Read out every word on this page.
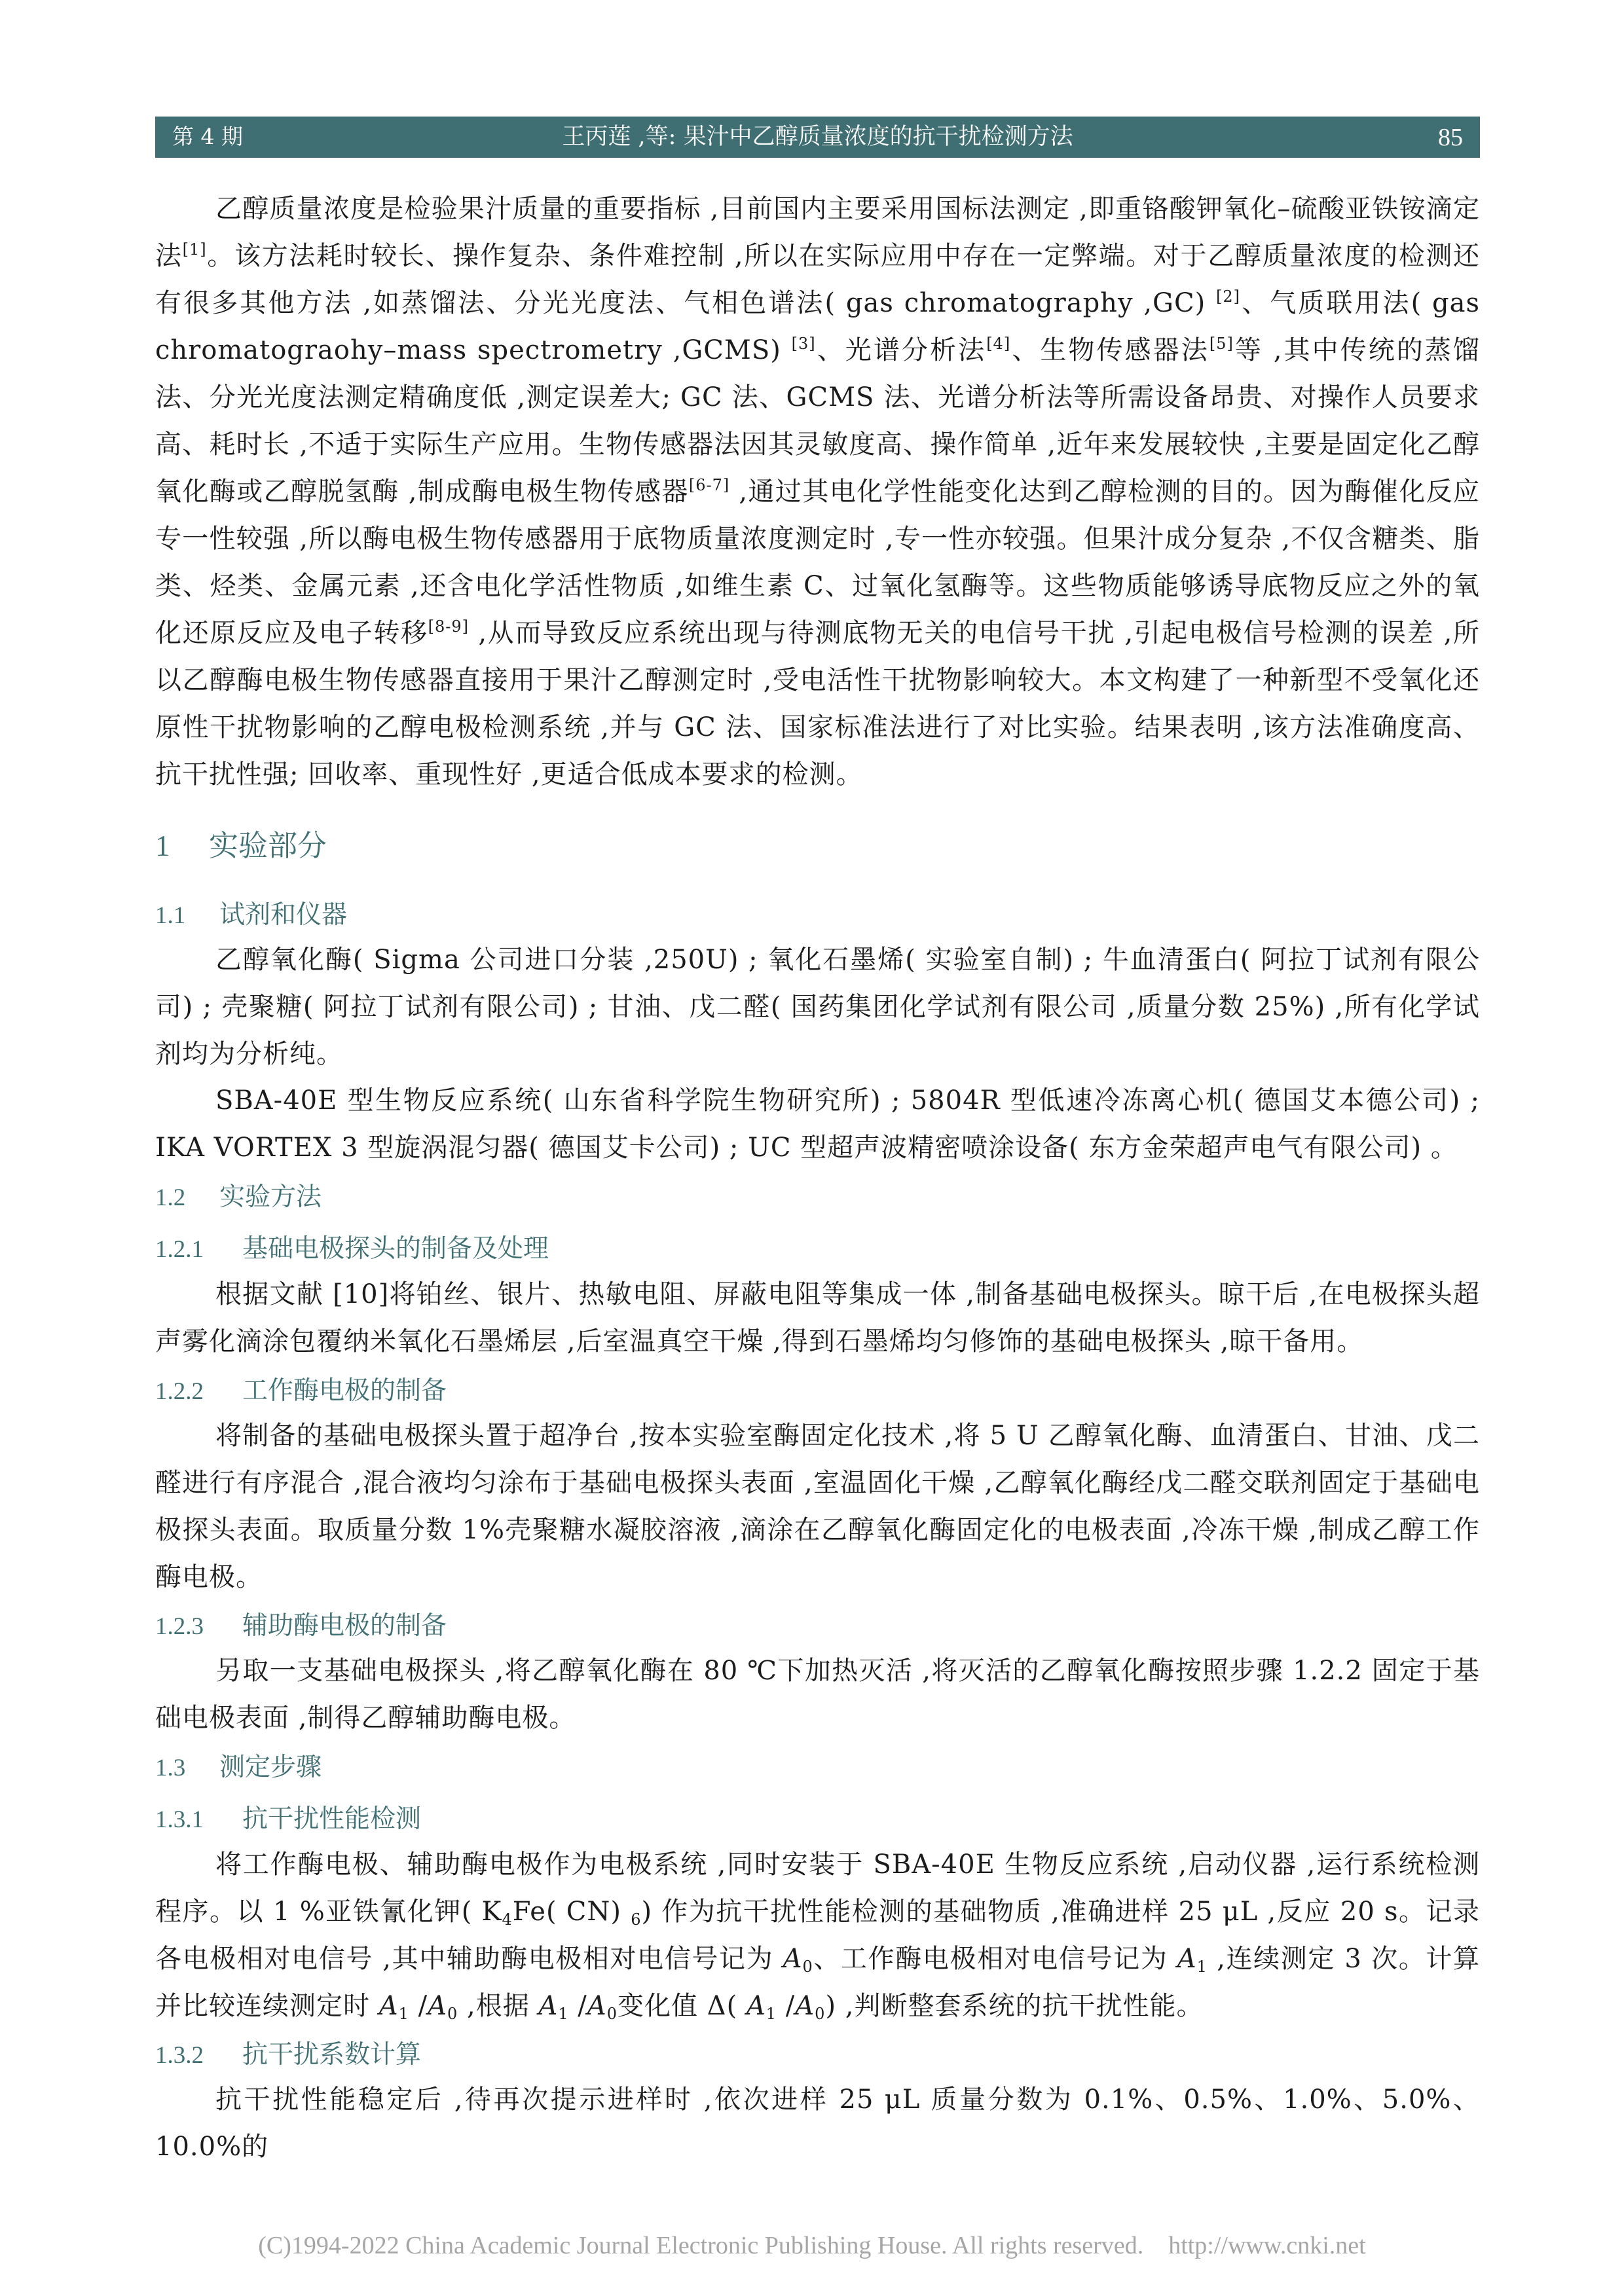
第 4 期	王丙莲 ,等: 果汁中乙醇质量浓度的抗干扰检测方法	85

乙醇质量浓度是检验果汁质量的重要指标 ,目前国内主要采用国标法测定 ,即重铬酸钾氧化–硫酸亚铁铵滴定法[1]。该方法耗时较长、操作复杂、条件难控制 ,所以在实际应用中存在一定弊端。对于乙醇质量浓度的检测还有很多其他方法 ,如蒸馏法、分光光度法、气相色谱法( gas chromatography ,GC) [2]、气质联用法( gas chromatograohy–mass spectrometry ,GCMS) [3]、光谱分析法[4]、生物传感器法[5]等 ,其中传统的蒸馏法、分光光度法测定精确度低 ,测定误差大; GC 法、GCMS 法、光谱分析法等所需设备昂贵、对操作人员要求高、耗时长 ,不适于实际生产应用。生物传感器法因其灵敏度高、操作简单 ,近年来发展较快 ,主要是固定化乙醇氧化酶或乙醇脱氢酶 ,制成酶电极生物传感器[6-7] ,通过其电化学性能变化达到乙醇检测的目的。因为酶催化反应专一性较强 ,所以酶电极生物传感器用于底物质量浓度测定时 ,专一性亦较强。但果汁成分复杂 ,不仅含糖类、脂类、烃类、金属元素 ,还含电化学活性物质 ,如维生素 C、过氧化氢酶等。这些物质能够诱导底物反应之外的氧化还原反应及电子转移[8-9] ,从而导致反应系统出现与待测底物无关的电信号干扰 ,引起电极信号检测的误差 ,所以乙醇酶电极生物传感器直接用于果汁乙醇测定时 ,受电活性干扰物影响较大。本文构建了一种新型不受氧化还原性干扰物影响的乙醇电极检测系统 ,并与 GC 法、国家标准法进行了对比实验。结果表明 ,该方法准确度高、抗干扰性强; 回收率、重现性好 ,更适合低成本要求的检测。

1 实验部分
1.1 试剂和仪器

乙醇氧化酶( Sigma 公司进口分装 ,250U) ; 氧化石墨烯( 实验室自制) ; 牛血清蛋白( 阿拉丁试剂有限公司) ; 壳聚糖( 阿拉丁试剂有限公司) ; 甘油、戊二醛( 国药集团化学试剂有限公司 ,质量分数 25%) ,所有化学试剂均为分析纯。

SBA-40E 型生物反应系统( 山东省科学院生物研究所) ; 5804R 型低速冷冻离心机( 德国艾本德公司) ; IKA VORTEX 3 型旋涡混匀器( 德国艾卡公司) ; UC 型超声波精密喷涂设备( 东方金荣超声电气有限公司) 。

1.2 实验方法
1.2.1 基础电极探头的制备及处理

根据文献 [10]将铂丝、银片、热敏电阻、屏蔽电阻等集成一体 ,制备基础电极探头。晾干后 ,在电极探头超声雾化滴涂包覆纳米氧化石墨烯层 ,后室温真空干燥 ,得到石墨烯均匀修饰的基础电极探头 ,晾干备用。

1.2.2 工作酶电极的制备

将制备的基础电极探头置于超净台 ,按本实验室酶固定化技术 ,将 5 U 乙醇氧化酶、血清蛋白、甘油、戊二醛进行有序混合 ,混合液均匀涂布于基础电极探头表面 ,室温固化干燥 ,乙醇氧化酶经戊二醛交联剂固定于基础电极探头表面。取质量分数 1%壳聚糖水凝胶溶液 ,滴涂在乙醇氧化酶固定化的电极表面 ,冷冻干燥 ,制成乙醇工作酶电极。

1.2.3 辅助酶电极的制备

另取一支基础电极探头 ,将乙醇氧化酶在 80 ℃下加热灭活 ,将灭活的乙醇氧化酶按照步骤 1.2.2 固定于基础电极表面 ,制得乙醇辅助酶电极。

1.3 测定步骤
1.3.1 抗干扰性能检测

将工作酶电极、辅助酶电极作为电极系统 ,同时安装于 SBA-40E 生物反应系统 ,启动仪器 ,运行系统检测程序。以 1 %亚铁氰化钾( $K_4Fe$( CN) $_6$) 作为抗干扰性能检测的基础物质 ,准确进样 25 μL ,反应 20 s。记录各电极相对电信号 ,其中辅助酶电极相对电信号记为 $A_0$、工作酶电极相对电信号记为 $A_1$ ,连续测定 3 次。计算并比较连续测定时 $A_1$ $/A_0$ ,根据 $A_1$ $/A_0$变化值 Δ( $A_1$ $/A_0$) ,判断整套系统的抗干扰性能。

1.3.2 抗干扰系数计算

抗干扰性能稳定后 ,待再次提示进样时 ,依次进样 25 μL 质量分数为 0.1%、0.5%、1.0%、5.0%、10.0%的

(C)1994-2022 China Academic Journal Electronic Publishing House. All rights reserved.    http://www.cnki.net
